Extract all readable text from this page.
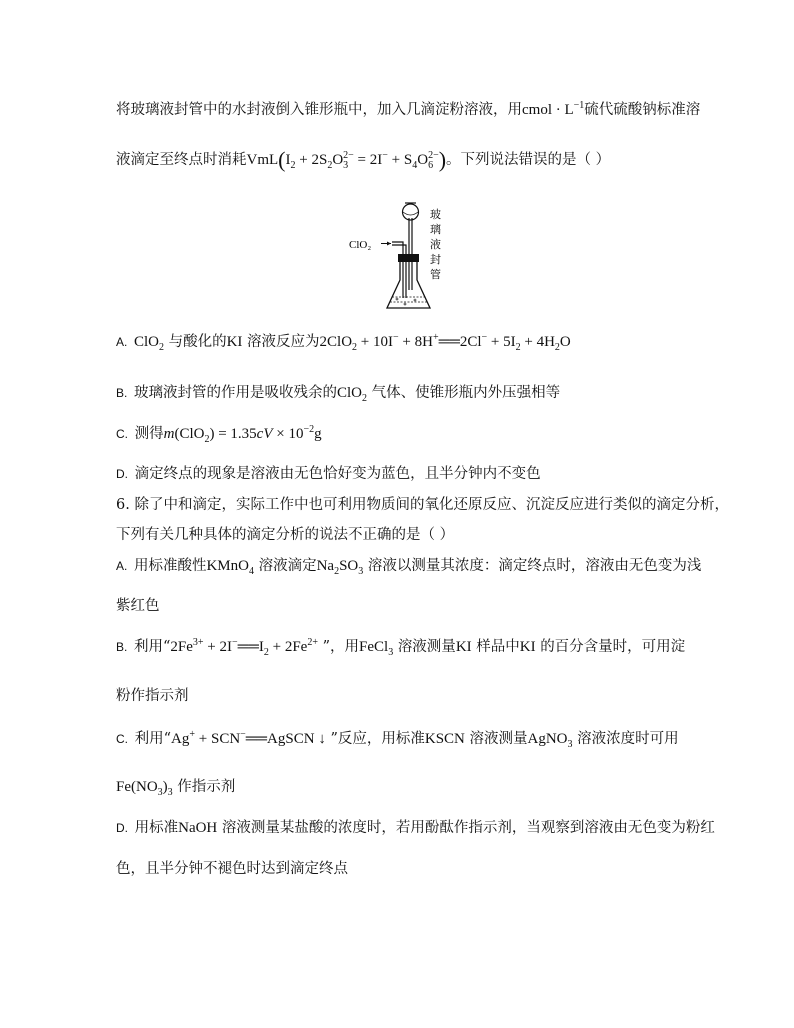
将玻璃液封管中的水封液倒入锥形瓶中，加入几滴淀粉溶液，用cmol · $L^{-1}$硫代硫酸钠标准溶
液滴定至终点时消耗$VmL(I_2 + 2S_2O$ 2−
$3 = 2I^- + S_4O$ 2−
6 )。下列说法错误的是（ ）
ClO₂
玻
璃
液
封
管
A. ClO$_2$ 与酸化的KI 溶液反应为2ClO$_2$ + 10I− + 8H+══2Cl− + $5I_2 + 4H_2O$
B. 玻璃液封管的作用是吸收残余的ClO$_2$ 气体、使锥形瓶内外压强相等
C. 测得$m(ClO_2) = 1.35cV \times 10^{-2}g$
D. 滴定终点的现象是溶液由无色恰好变为蓝色，且半分钟内不变色
6. 除了中和滴定，实际工作中也可利用物质间的氧化还原反应、沉淀反应进行类似的滴定分析，
下列有关几种具体的滴定分析的说法不正确的是（ ）
A. 用标准酸性KMnO$_4$ 溶液滴定$Na_2SO_3$ 溶液以测量其浓度：滴定终点时，溶液由无色变为浅
紫红色
B. 利用“$2Fe^{3+}$ + $2I^-══I_2 + 2Fe^{2+}$ ”，用FeCl$_3$ 溶液测量KI 样品中KI 的百分含量时，可用淀
粉作指示剂
C. 利用“Ag+ + SCN−══AgSCN ↓ ”反应，用标准KSCN 溶液测量AgNO$_3$ 溶液浓度时可用
$Fe(NO_3)_3$ 作指示剂
D. 用标准NaOH 溶液测量某盐酸的浓度时，若用酚酞作指示剂，当观察到溶液由无色变为粉红
色，且半分钟不褪色时达到滴定终点
